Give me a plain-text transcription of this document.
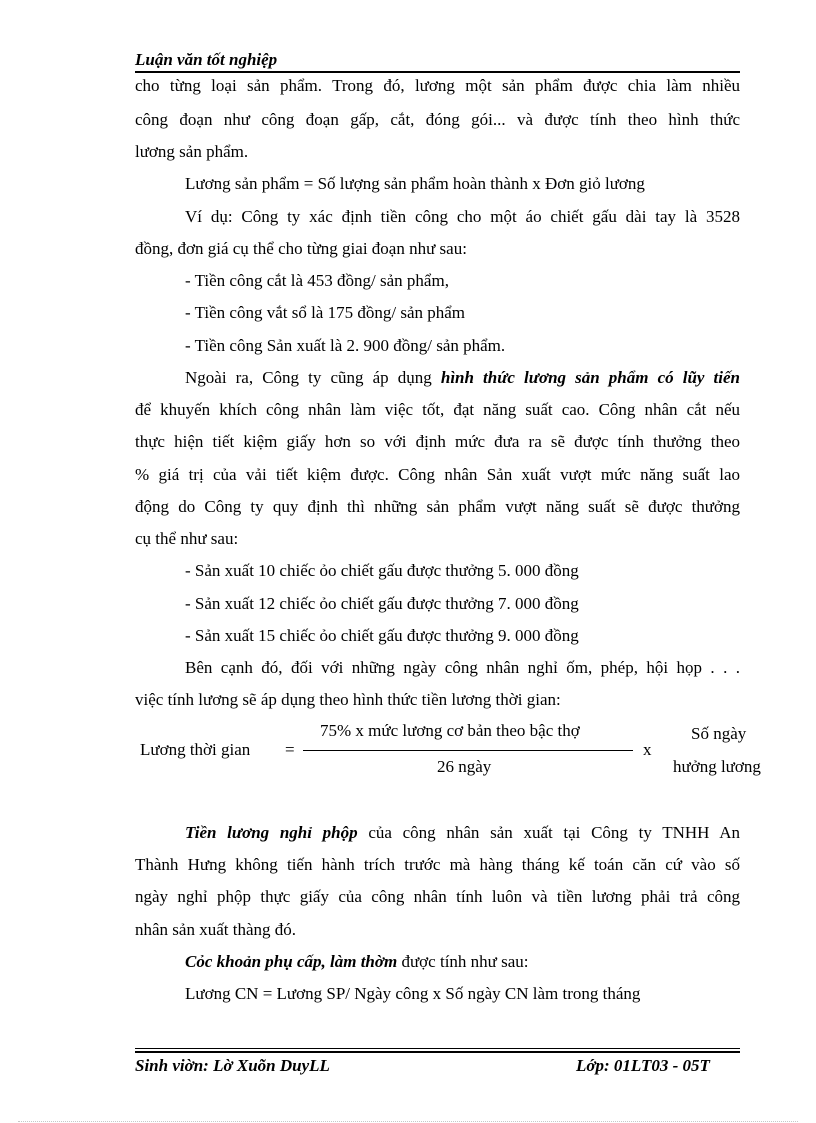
Luận văn tốt nghiệp
cho từng loại sản phẩm. Trong đó, lương một sản phẩm được chia làm nhiều
công đoạn như công đoạn gấp, cắt, đóng gói... và được tính theo hình thức
lương sản phẩm.
Lương sản phẩm = Số lượng sản phẩm hoàn thành x Đơn giỏ lương
Ví dụ: Công ty xác định tiền công cho một áo chiết gấu dài tay là 3528
đồng, đơn giá cụ thể cho từng giai đoạn như sau:
- Tiền công cắt là 453 đồng/ sản phẩm,
- Tiền công vắt sổ là 175 đồng/ sản phẩm
- Tiền công Sản xuất là 2. 900 đồng/ sản phẩm.
Ngoài ra, Công ty cũng áp dụng hình thức lương sản phẩm có lũy tiến
để khuyến khích công nhân làm việc tốt, đạt năng suất cao. Công nhân cắt nếu
thực hiện tiết kiệm giấy hơn so với định mức đưa ra sẽ được tính thưởng theo
% giá trị của vải tiết kiệm được. Công nhân Sản xuất vượt mức năng suất lao
động do Công ty quy định thì những sản phẩm vượt năng suất sẽ được thưởng
cụ thể như sau:
- Sản xuất 10 chiếc ỏo chiết gấu được thưởng 5. 000 đồng
- Sản xuất 12 chiếc ỏo chiết gấu được thưởng 7. 000 đồng
- Sản xuất 15 chiếc ỏo chiết gấu được thưởng 9. 000 đồng
Bên cạnh đó, đối với những ngày công nhân nghỉ ốm, phép, hội họp . . .
việc tính lương sẽ áp dụng theo hình thức tiền lương thời gian:
Lương thời gian =
75% x mức lương cơ bản theo bậc thợ
26 ngày
x
Số ngày
hưởng lương
Tiền lương nghỉ phộp của công nhân sản xuất tại Công ty TNHH An
Thành Hưng không tiến hành trích trước mà hàng tháng kế toán căn cứ vào số
ngày nghỉ phộp thực giấy của công nhân tính luôn và tiền lương phải trả công
nhân sản xuất thàng đó.
Cỏc khoản phụ cấp, làm thờm được tính như sau:
Lương CN = Lương SP/ Ngày công x Số ngày CN làm trong tháng
Sinh viờn: Lờ Xuõn DuyLL	Lớp: 01LT03 - 05T
